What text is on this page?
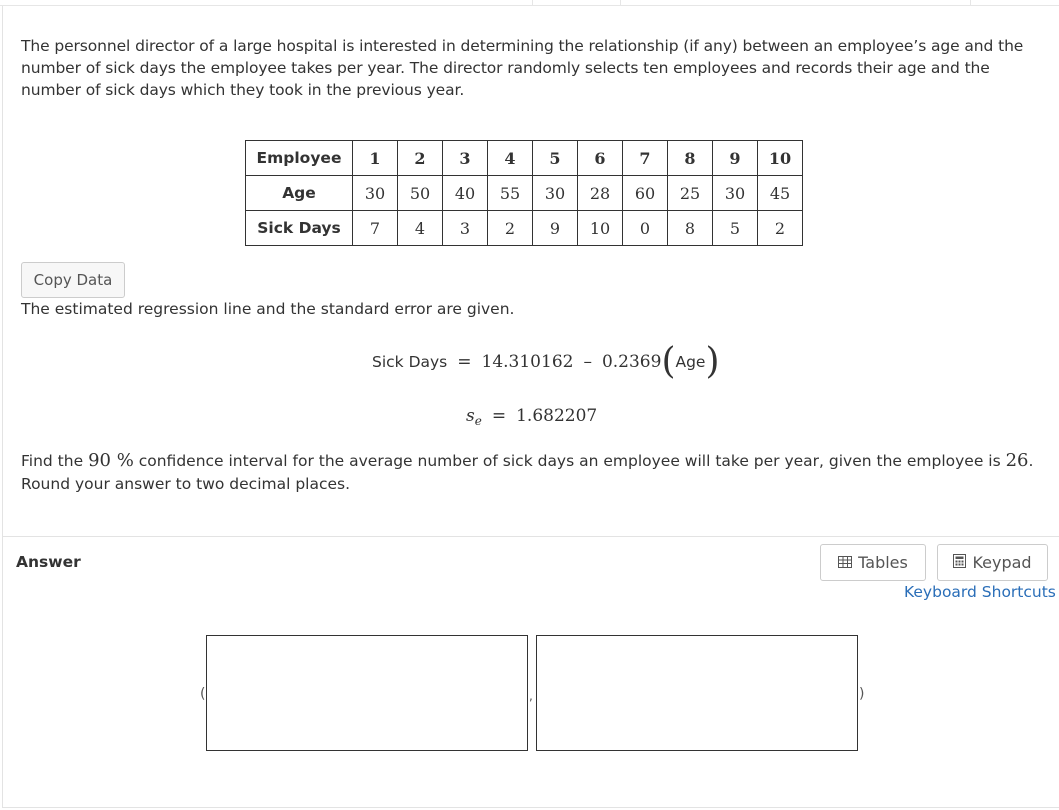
The personnel director of a large hospital is interested in determining the relationship (if any) between an employee’s age and the number of sick days the employee takes per year. The director randomly selects ten employees and records their age and the number of sick days which they took in the previous year.
Employee	1	2	3	4	5	6	7	8	9	10
Age	30	50	40	55	30	28	60	25	30	45
Sick Days	7	4	3	2	9	10	0	8	5	2
Copy Data
The estimated regression line and the standard error are given.
Sick Days = 14.310162 – 0.2369 ( Age )
s e = 1.682207
Find the 90 % confidence interval for the average number of sick days an employee will take per year, given the employee is 26. Round your answer to two decimal places.
Answer	Tables	Keypad
Keyboard Shortcuts
(	,	)
